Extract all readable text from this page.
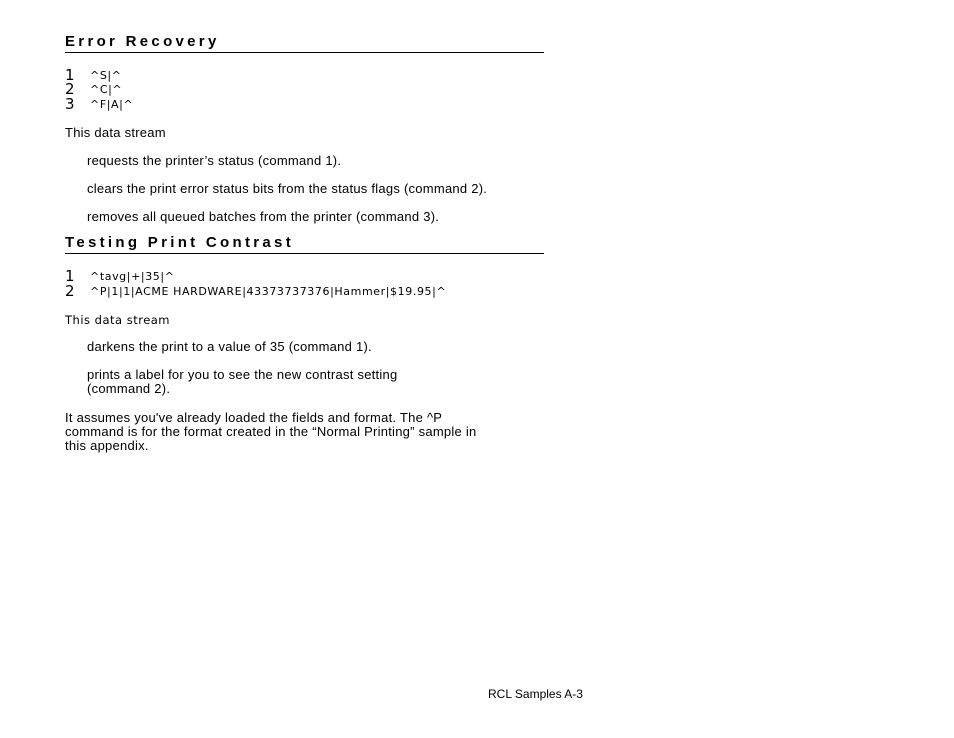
Error Recovery
1 ^S|^
2 ^C|^
3 ^F|A|^
This data stream
requests the printer’s status (command 1).
clears the print error status bits from the status flags (command 2).
removes all queued batches from the printer (command 3).
Testing Print Contrast
1 ^tavg|+|35|^
2 ^P|1|1|ACME HARDWARE|43373737376|Hammer|$19.95|^
This data stream
darkens the print to a value of 35 (command 1).
prints a label for you to see the new contrast setting
(command 2).
It assumes you've already loaded the fields and format. The ^P
command is for the format created in the “Normal Printing” sample in
this appendix.
RCL Samples A-3
